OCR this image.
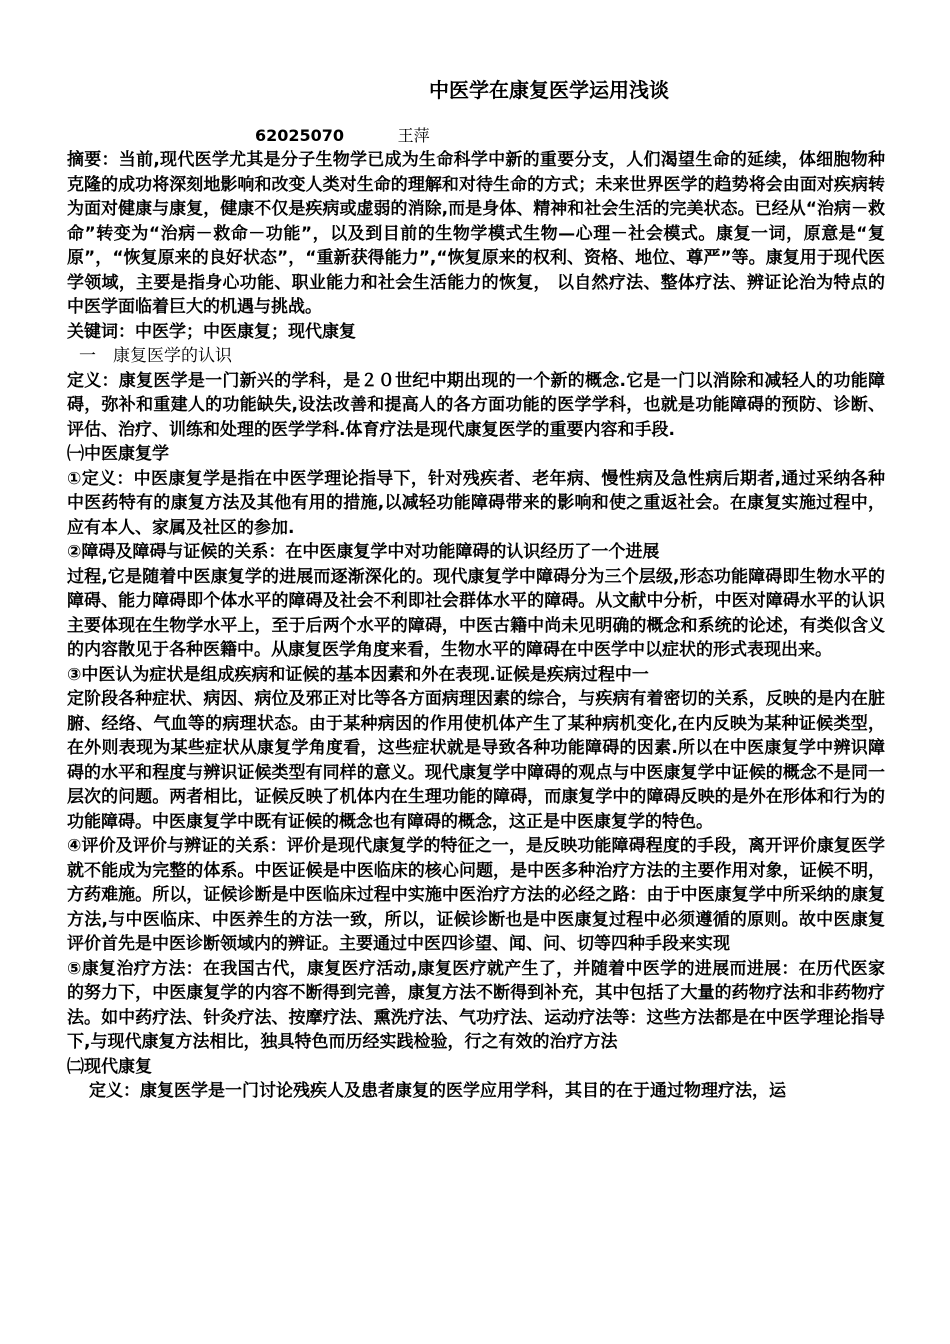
中医学在康复医学运用浅谈
62025070	王萍

摘要：当前,现代医学尤其是分子生物学已成为生命科学中新的重要分支，人们渴望生命的延续，体细胞物种克隆的成功将深刻地影响和改变人类对生命的理解和对待生命的方式；未来世界医学的趋势将会由面对疾病转为面对健康与康复，健康不仅是疾病或虚弱的消除,而是身体、精神和社会生活的完美状态。已经从“治病－救命”转变为“治病－救命－功能”，以及到目前的生物学模式生物—心理－社会模式。康复一词，原意是“复原”，“恢复原来的良好状态”，“重新获得能力”,“恢复原来的权利、资格、地位、尊严”等。康复用于现代医学领域，主要是指身心功能、职业能力和社会生活能力的恢复， 以自然疗法、整体疗法、辨证论治为特点的中医学面临着巨大的机遇与挑战。

关键词：中医学；中医康复；现代康复

一　康复医学的认识

定义：康复医学是一门新兴的学科，是２０世纪中期出现的一个新的概念.它是一门以消除和减轻人的功能障碍，弥补和重建人的功能缺失,设法改善和提高人的各方面功能的医学学科，也就是功能障碍的预防、诊断、评估、治疗、训练和处理的医学学科.体育疗法是现代康复医学的重要内容和手段.

㈠中医康复学

①定义：中医康复学是指在中医学理论指导下，针对残疾者、老年病、慢性病及急性病后期者,通过采纳各种中医药特有的康复方法及其他有用的措施,以减轻功能障碍带来的影响和使之重返社会。在康复实施过程中，应有本人、家属及社区的参加.

②障碍及障碍与证候的关系：在中医康复学中对功能障碍的认识经历了一个进展

过程,它是随着中医康复学的进展而逐渐深化的。现代康复学中障碍分为三个层级,形态功能障碍即生物水平的障碍、能力障碍即个体水平的障碍及社会不利即社会群体水平的障碍。从文献中分析，中医对障碍水平的认识主要体现在生物学水平上，至于后两个水平的障碍，中医古籍中尚未见明确的概念和系统的论述，有类似含义的内容散见于各种医籍中。从康复医学角度来看，生物水平的障碍在中医学中以症状的形式表现出来。

③中医认为症状是组成疾病和证候的基本因素和外在表现.证候是疾病过程中一

定阶段各种症状、病因、病位及邪正对比等各方面病理因素的综合，与疾病有着密切的关系，反映的是内在脏腑、经络、气血等的病理状态。由于某种病因的作用使机体产生了某种病机变化,在内反映为某种证候类型，在外则表现为某些症状从康复学角度看，这些症状就是导致各种功能障碍的因素.所以在中医康复学中辨识障碍的水平和程度与辨识证候类型有同样的意义。现代康复学中障碍的观点与中医康复学中证候的概念不是同一层次的问题。两者相比，证候反映了机体内在生理功能的障碍，而康复学中的障碍反映的是外在形体和行为的功能障碍。中医康复学中既有证候的概念也有障碍的概念，这正是中医康复学的特色。

④评价及评价与辨证的关系：评价是现代康复学的特征之一，是反映功能障碍程度的手段，离开评价康复医学就不能成为完整的体系。中医证候是中医临床的核心问题，是中医多种治疗方法的主要作用对象，证候不明，方药难施。所以，证候诊断是中医临床过程中实施中医治疗方法的必经之路：由于中医康复学中所采纳的康复方法,与中医临床、中医养生的方法一致，所以，证候诊断也是中医康复过程中必须遵循的原则。故中医康复评价首先是中医诊断领域内的辨证。主要通过中医四诊望、闻、问、切等四种手段来实现

⑤康复治疗方法：在我国古代，康复医疗活动,康复医疗就产生了，并随着中医学的进展而进展：在历代医家的努力下，中医康复学的内容不断得到完善，康复方法不断得到补充，其中包括了大量的药物疗法和非药物疗法。如中药疗法、针灸疗法、按摩疗法、熏洗疗法、气功疗法、运动疗法等：这些方法都是在中医学理论指导下,与现代康复方法相比，独具特色而历经实践检验，行之有效的治疗方法

㈡现代康复

定义：康复医学是一门讨论残疾人及患者康复的医学应用学科，其目的在于通过物理疗法，运
